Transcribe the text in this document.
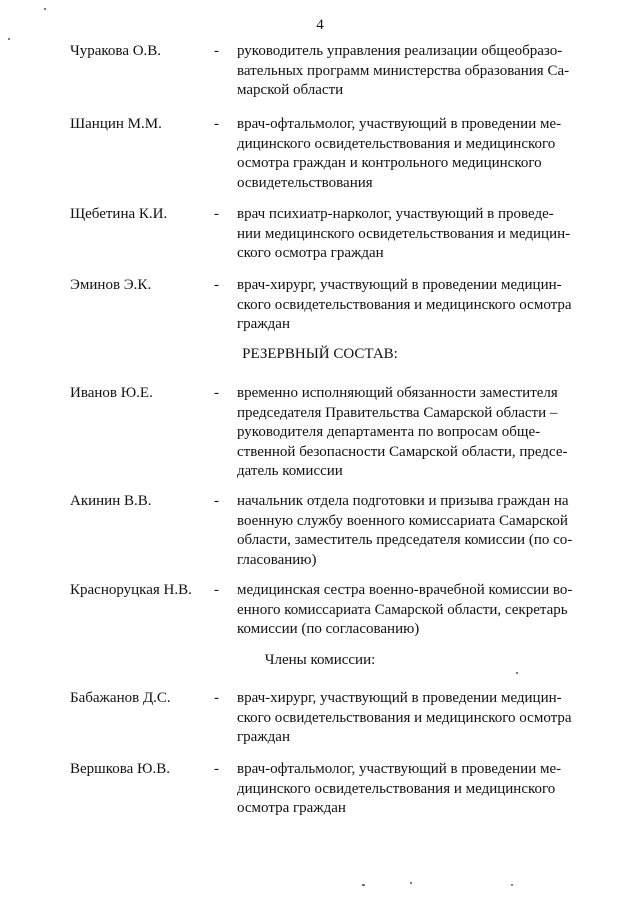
4
Чуракова О.В.	- руководитель управления реализации общеобразо-
вательных программ министерства образования Са-
марской области
Шанцин М.М.	- врач-офтальмолог, участвующий в проведении ме-
дицинского освидетельствования и медицинского
осмотра граждан и контрольного медицинского
освидетельствования
Щебетина К.И.	- врач психиатр-нарколог, участвующий в проведе-
нии медицинского освидетельствования и медицин-
ского осмотра граждан
Эминов Э.К.	- врач-хирург, участвующий в проведении медицин-
ского освидетельствования и медицинского осмотра
граждан
РЕЗЕРВНЫЙ СОСТАВ:
Иванов Ю.Е.	- временно исполняющий обязанности заместителя
председателя Правительства Самарской области –
руководителя департамента по вопросам обще-
ственной безопасности Самарской области, предсе-
датель комиссии
Акинин В.В.	- начальник отдела подготовки и призыва граждан на
военную службу военного комиссариата Самарской
области, заместитель председателя комиссии (по со-
гласованию)
Красноруцкая Н.В. - медицинская сестра военно-врачебной комиссии во-
енного комиссариата Самарской области, секретарь
комиссии (по согласованию)
Члены комиссии:
Бабажанов Д.С.	- врач-хирург, участвующий в проведении медицин-
ского освидетельствования и медицинского осмотра
граждан
Вершкова Ю.В.	- врач-офтальмолог, участвующий в проведении ме-
дицинского освидетельствования и медицинского
осмотра граждан
